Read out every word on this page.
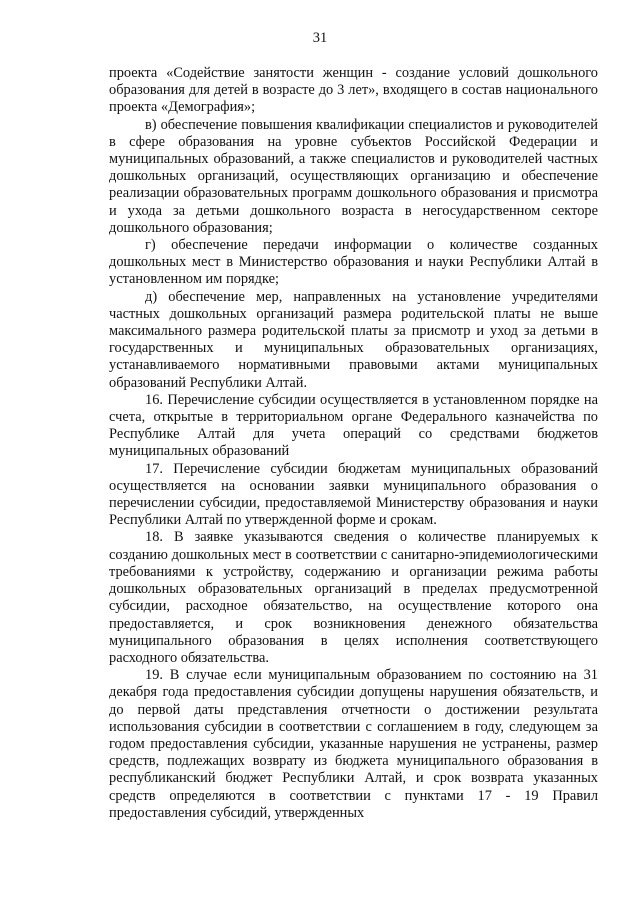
31

проекта «Содействие занятости женщин - создание условий дошкольного образования для детей в возрасте до 3 лет», входящего в состав национального проекта «Демография»;

в) обеспечение повышения квалификации специалистов и руководителей в сфере образования на уровне субъектов Российской Федерации и муниципальных образований, а также специалистов и руководителей частных дошкольных организаций, осуществляющих организацию и обеспечение реализации образовательных программ дошкольного образования и присмотра и ухода за детьми дошкольного возраста в негосударственном секторе дошкольного образования;

г) обеспечение передачи информации о количестве созданных дошкольных мест в Министерство образования и науки Республики Алтай в установленном им порядке;

д) обеспечение мер, направленных на установление учредителями частных дошкольных организаций размера родительской платы не выше максимального размера родительской платы за присмотр и уход за детьми в государственных и муниципальных образовательных организациях, устанавливаемого нормативными правовыми актами муниципальных образований Республики Алтай.

16. Перечисление субсидии осуществляется в установленном порядке на счета, открытые в территориальном органе Федерального казначейства по Республике Алтай для учета операций со средствами бюджетов муниципальных образований

17. Перечисление субсидии бюджетам муниципальных образований осуществляется на основании заявки муниципального образования о перечислении субсидии, предоставляемой Министерству образования и науки Республики Алтай по утвержденной форме и срокам.

18. В заявке указываются сведения о количестве планируемых к созданию дошкольных мест в соответствии с санитарно-эпидемиологическими требованиями к устройству, содержанию и организации режима работы дошкольных образовательных организаций в пределах предусмотренной субсидии, расходное обязательство, на осуществление которого она предоставляется, и срок возникновения денежного обязательства муниципального образования в целях исполнения соответствующего расходного обязательства.

19. В случае если муниципальным образованием по состоянию на 31 декабря года предоставления субсидии допущены нарушения обязательств, и до первой даты представления отчетности о достижении результата использования субсидии в соответствии с соглашением в году, следующем за годом предоставления субсидии, указанные нарушения не устранены, размер средств, подлежащих возврату из бюджета муниципального образования в республиканский бюджет Республики Алтай, и срок возврата указанных средств определяются в соответствии с пунктами 17 - 19 Правил предоставления субсидий, утвержденных
